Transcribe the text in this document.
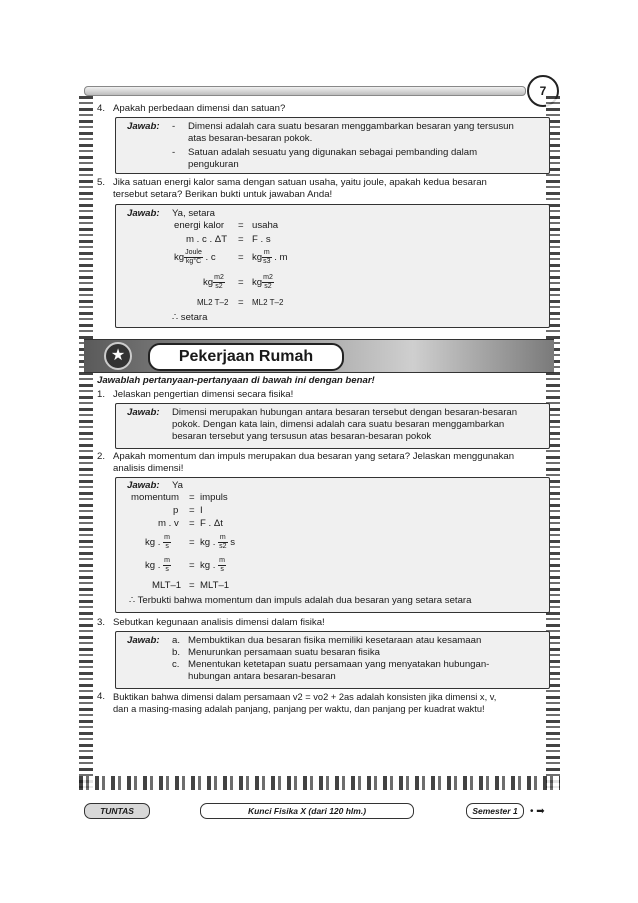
7
4. Apakah perbedaan dimensi dan satuan?
Jawab: - Dimensi adalah cara suatu besaran menggambarkan besaran yang tersusun
atas besaran-besaran pokok.
- Satuan adalah sesuatu yang digunakan sebagai pembanding dalam
pengukuran
5. Jika satuan energi kalor sama dengan satuan usaha, yaitu joule, apakah kedua besaran
tersebut setara? Berikan bukti untuk jawaban Anda!
Jawab: Ya, setara
energi kalor = usaha
m . c . ΔT = F . s
kg $\frac{\text{Joule}}{kg^\circ C}$ . c = kg $\frac{m}{s3}$ . m
kg $\frac{m2}{s2}$ = kg $\frac{m2}{s2}$
ML2 T–2 = ML2 T–2
∴ setara
★	Pekerjaan Rumah
Jawablah pertanyaan-pertanyaan di bawah ini dengan benar!
1. Jelaskan pengertian dimensi secara fisika!
Jawab: Dimensi merupakan hubungan antara besaran tersebut dengan besaran-besaran
pokok. Dengan kata lain, dimensi adalah cara suatu besaran menggambarkan
besaran tersebut yang tersusun atas besaran-besaran pokok
2. Apakah momentum dan impuls merupakan dua besaran yang setara? Jelaskan menggunakan
analisis dimensi!
Jawab: Ya
momentum = impuls
p = I
m . v = F . Δt
kg . $\frac{m}{s}$ = kg . $\frac{m}{s2}$ s
kg . $\frac{m}{s}$ = kg . $\frac{m}{s}$
MLT–1 = MLT–1
∴ Terbukti bahwa momentum dan impuls adalah dua besaran yang setara setara
3. Sebutkan kegunaan analisis dimensi dalam fisika!
Jawab: a. Membuktikan dua besaran fisika memiliki kesetaraan atau kesamaan
b. Menurunkan persamaan suatu besaran fisika
c. Menentukan ketetapan suatu persamaan yang menyatakan hubungan-
hubungan antara besaran-besaran
4. Buktikan bahwa dimensi dalam persamaan v2 = vo2 + 2as adalah konsisten jika dimensi x, v,
dan a masing-masing adalah panjang, panjang per waktu, dan panjang per kuadrat waktu!
TUNTAS	Kunci Fisika X (dari 120 hlm.)	Semester 1	• ➡
